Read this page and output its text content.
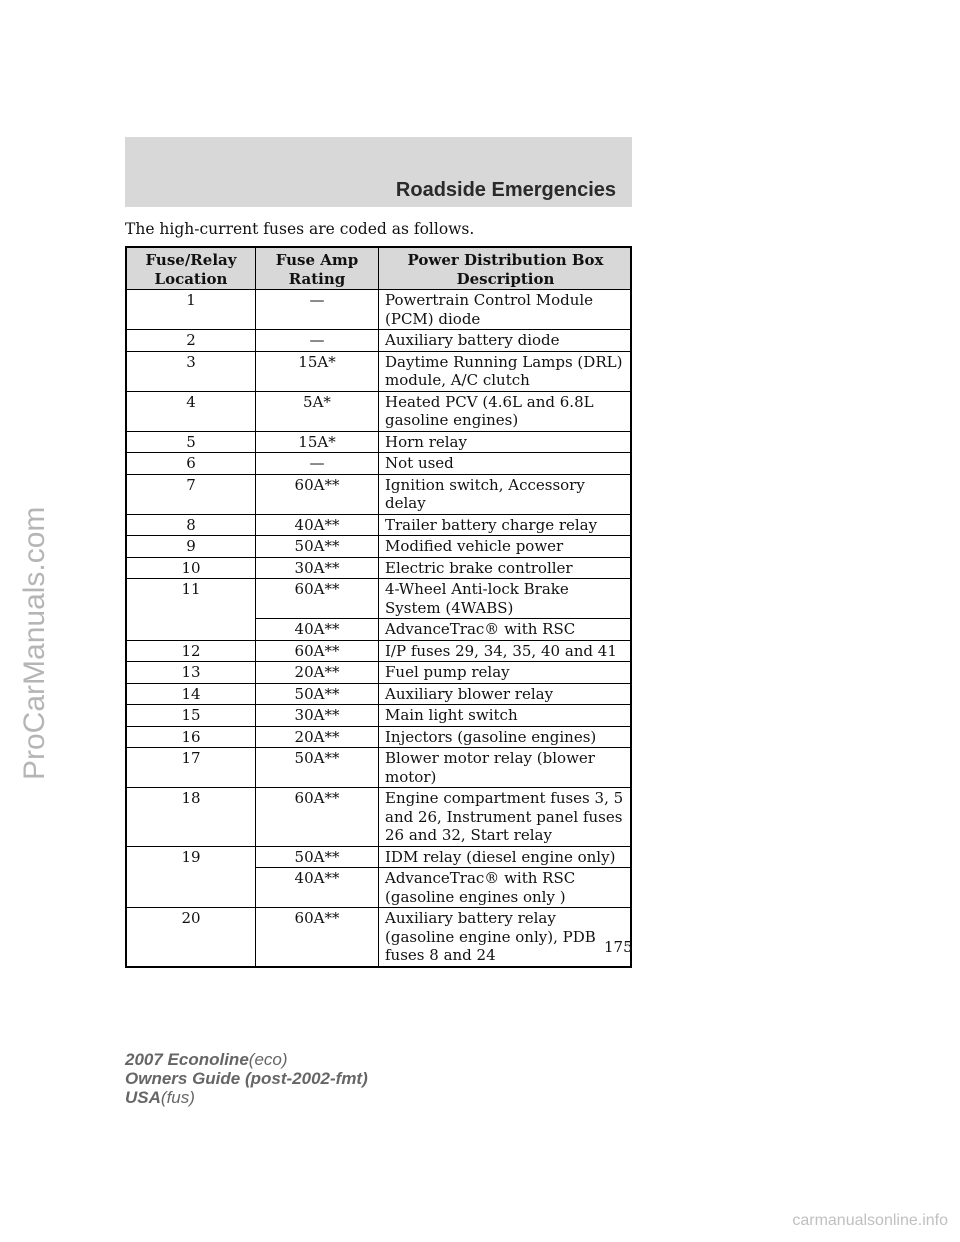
Roadside Emergencies
The high-current fuses are coded as follows.
Fuse/Relay Location	Fuse Amp Rating	Power Distribution Box Description
1	—	Powertrain Control Module (PCM) diode
2	—	Auxiliary battery diode
3	15A*	Daytime Running Lamps (DRL) module, A/C clutch
4	5A*	Heated PCV (4.6L and 6.8L gasoline engines)
5	15A*	Horn relay
6	—	Not used
7	60A**	Ignition switch, Accessory delay
8	40A**	Trailer battery charge relay
9	50A**	Modified vehicle power
10	30A**	Electric brake controller
11	60A**	4-Wheel Anti-lock Brake System (4WABS)
	40A**	AdvanceTrac® with RSC
12	60A**	I/P fuses 29, 34, 35, 40 and 41
13	20A**	Fuel pump relay
14	50A**	Auxiliary blower relay
15	30A**	Main light switch
16	20A**	Injectors (gasoline engines)
17	50A**	Blower motor relay (blower motor)
18	60A**	Engine compartment fuses 3, 5 and 26, Instrument panel fuses 26 and 32, Start relay
19	50A**	IDM relay (diesel engine only)
	40A**	AdvanceTrac® with RSC (gasoline engines only )
20	60A**	Auxiliary battery relay (gasoline engine only), PDB fuses 8 and 24	175
2007 Econoline(eco)
Owners Guide (post-2002-fmt)
USA(fus)
ProCarManuals.com
carmanualsonline.info
